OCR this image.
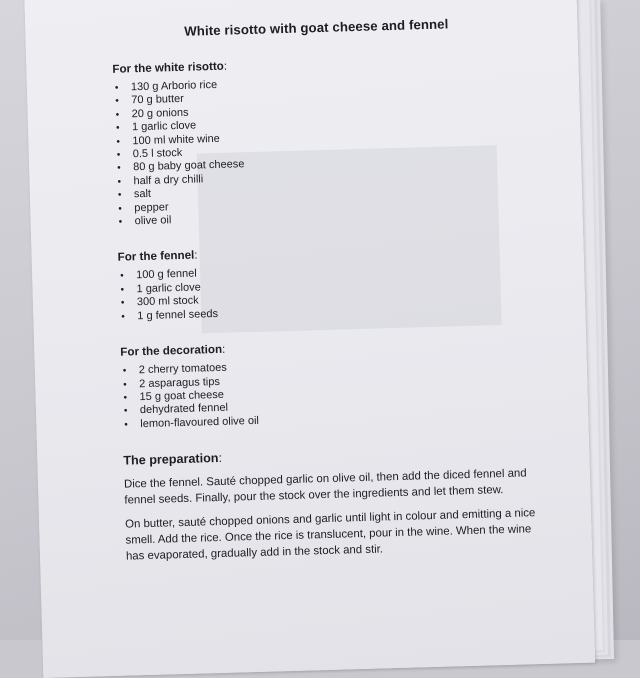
White risotto with goat cheese and fennel
For the white risotto:
• 130 g Arborio rice
• 70 g butter
• 20 g onions
• 1 garlic clove
• 100 ml white wine
• 0.5 l stock
• 80 g baby goat cheese
• half a dry chilli
• salt
• pepper
• olive oil
For the fennel:
• 100 g fennel
• 1 garlic clove
• 300 ml stock
• 1 g fennel seeds
For the decoration:
• 2 cherry tomatoes
• 2 asparagus tips
• 15 g goat cheese
• dehydrated fennel
• lemon-flavoured olive oil
The preparation:

Dice the fennel. Sauté chopped garlic on olive oil, then add the diced fennel and fennel seeds. Finally, pour the stock over the ingredients and let them stew.

On butter, sauté chopped onions and garlic until light in colour and emitting a nice smell. Add the rice. Once the rice is translucent, pour in the wine. When the wine has evaporated, gradually add in the stock and stir.
